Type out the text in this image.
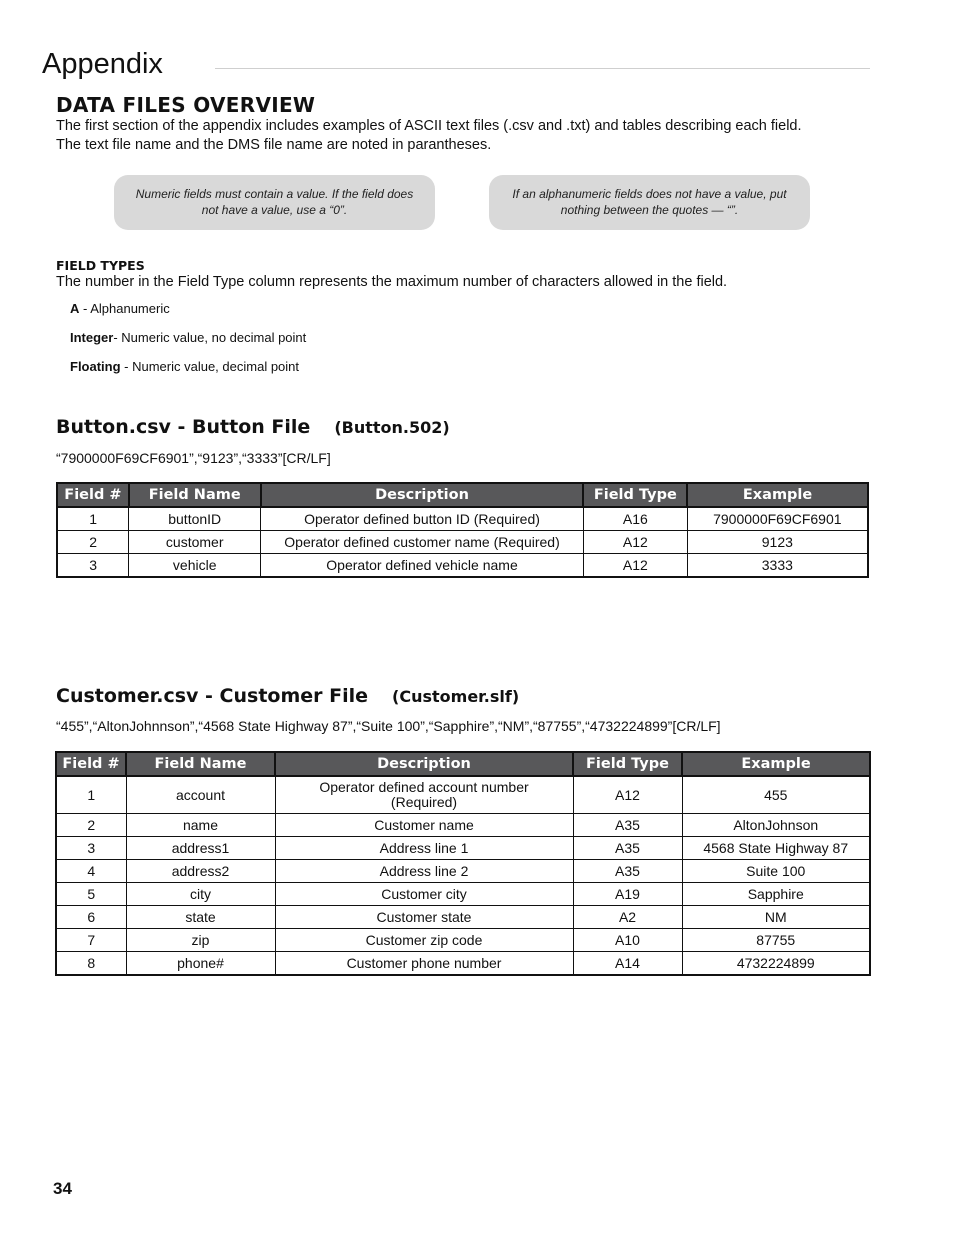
Appendix
DATA FILES OVERVIEW
The first section of the appendix includes examples of ASCII text files (.csv and .txt) and tables describing each field.
The text file name and the DMS file name are noted in parantheses.
Numeric fields must contain a value. If the field does not have a value, use a “0”.
If an alphanumeric fields does not have a value, put nothing between the quotes — “”.
FIELD TYPES
The number in the Field Type column represents the maximum number of characters allowed in the field.
A - Alphanumeric
Integer- Numeric value, no decimal point
Floating - Numeric value, decimal point
Button.csv - Button File (Button.502)
“7900000F69CF6901”,“9123”,“3333”[CR/LF]
Field #	Field Name	Description	Field Type	Example
1	buttonID	Operator defined button ID (Required)	A16	7900000F69CF6901
2	customer	Operator defined customer name (Required)	A12	9123
3	vehicle	Operator defined vehicle name	A12	3333
Customer.csv - Customer File (Customer.slf)
“455”,“AltonJohnnson”,“4568 State Highway 87”,“Suite 100”,“Sapphire”,“NM”,“87755”,“4732224899”[CR/LF]
Field #	Field Name	Description	Field Type	Example
1	account	Operator defined account number (Required)	A12	455
2	name	Customer name	A35	AltonJohnson
3	address1	Address line 1	A35	4568 State Highway 87
4	address2	Address line 2	A35	Suite 100
5	city	Customer city	A19	Sapphire
6	state	Customer state	A2	NM
7	zip	Customer zip code	A10	87755
8	phone#	Customer phone number	A14	4732224899
34
